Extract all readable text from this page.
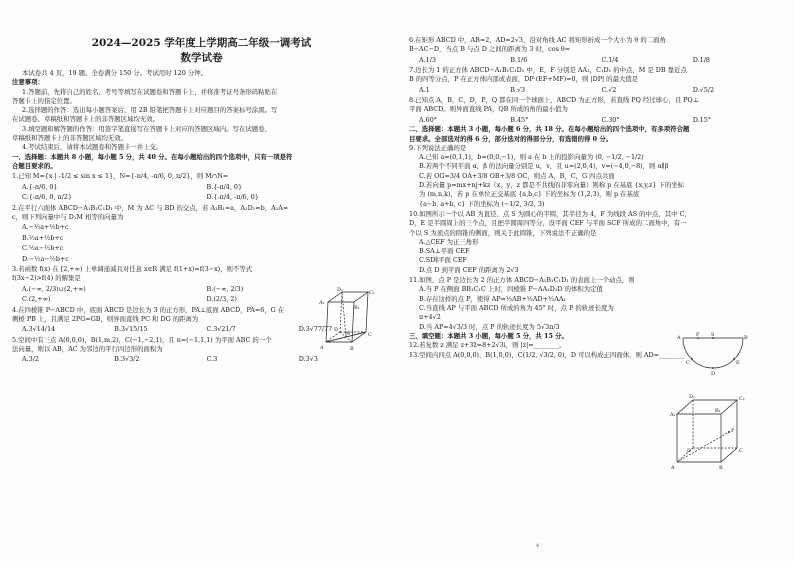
2024—2025 学年度上学期高二年级一调考试
数学试卷
本试卷共 4 页，19 题。全卷满分 150 分。考试用时 120 分钟。
注意事项：
1.答题前，先将自己的姓名、考号等填写在试题卷和答题卡上，并将准考证号条形码粘贴在
答题卡上的指定位置。
2.选择题的作答：选出每小题答案后，用 2B 铅笔把答题卡上对应题目的答案标号涂黑。写
在试题卷、草稿纸和答题卡上的非答题区域均无效。
3.填空题和解答题的作答：用签字笔直接写在答题卡上对应的答题区域内。写在试题卷、
草稿纸和答题卡上的非答题区域均无效。
4.考试结束后，请将本试题卷和答题卡一并上交。
一、选择题：本题共 8 小题，每小题 5 分，共 40 分。在每小题给出的四个选项中，只有一项是符
合题目要求的。
1.已知 M={x | -1/2 ≤ sin x ≤ 1}，N={-π/4, -π/6, 0, π/2}，则 M∩N=
A.{-π/6, 0}	B.{-π/4, 0}
C.{-π/6, 0, π/2}	D.{-π/4, -π/6, 0}
2.在平行六面体 ABCD−A₁B₁C₁D₁ 中，M 为 AC 与 BD 的交点，若 A₁B₁=a，A₁D₁=b，A₁A=
c，则下列向量中与 D₁M 相等的向量为
A.−½a+½b+c
B.½a+½b+c
C.½a−½b+c
D.−½a−½b+c
3.若函数 f(x) 在 [2,+∞) 上单调递减且对任意 x∈R 满足 f(1+x)=f(3−x)，则不等式
f(3x−2)>f(4) 的解集是
A.(−∞, 2/3)∪(2,+∞)	B.(−∞, 2/3)
C.(2,+∞)	D.(2/3, 2)
4.在四棱锥 P−ABCD 中，底面 ABCD 是边长为 3 的正方形，PA⊥底面 ABCD，PA=6，G 在
侧棱 PB 上，且满足 2PG=GB，则异面直线 PC 和 DG 的距离为
A.3√14/14	B.3√15/15	C.3√21/7	D.3√77/77
5.空间中有三点 A(0,0,0)，B(1,m,2)，C(−1,−2,1)，且 n=(−1,1,1) 为平面 ABC 的一个
法向量，则以 AB，AC 为邻边的平行四边形的面积为
A.3/2	B.3√3/2	C.3	D.3√3
A₁
B₁
C₁
D₁
A	B
C
D
M
6.在矩形 ABCD 中，AB=2，AD=2√3，沿对角线 AC 将矩形折成一个大小为 θ 的二面角
B−AC−D，当点 B 与点 D 之间的距离为 3 时，cos θ=
A.1/3	B.1/6	C.1/4	D.1/8
7.边长为 1 的正方体 ABCD−A₁B₁C₁D₁ 中，E，F 分别是 AA₁，C₁D₁ 的中点，M 是 DB 靠近点
B 的四等分点，P 在正方体内部或表面，DP·(EF+MF)=0，则 |DP| 的最大值是
A.1	B.√3	C.√2	D.√5/2
8.已知点 A，B，C，D，P，Q 都在同一个球面上，ABCD 为正方形，若直线 PQ 经过球心，且 PQ⊥
平面 ABCD。则异面直线 PA，QB 所成的角的最小值为
A.60°	B.45°	C.30°	D.15°
二、选择题：本题共 3 小题，每小题 6 分，共 18 分。在每小题给出的四个选项中，有多项符合题
目要求。全部选对的得 6 分，部分选对的得部分分，有选错的得 0 分。
9.下列说法正确的是
A.已知 a=(0,1,1)，b=(0,0,−1)，则 a 在 b 上的投影向量为 (0, −1/2, −1/2)
B.若两个不同平面 α，β 的法向量分别是 u，v，且 u=(2,0,4)，v=(−4,0,−8)，则 α∥β
C.若 OG=3/4 OA+3/8 OB+3/8 OC，则点 A，B，C，G 四点共面
D.若向量 p=mx+nj+kz（x，y，z 都是不共线的非零向量）则称 p 在基底 {x,y,z} 下的坐标
为 (m,n,k)，若 p 在单位正交基底 {a,b,c} 下的坐标为 (1,2,3)，则 p 在基底
{a−b, a+b, c} 下的坐标为 (−1/2, 3/2, 3)
10.如图所示一个以 AB 为直径、点 S 为圆心的半圆，其半径为 4，F 为线段 AS 的中点，其中 C，
D，E 是半圆周上的三个点，且把半圆周四等分，设平面 CEF 与平面 SCF 所成的二面角中，有一
个以 S 为顶点的圆锥的侧面，则关于此圆锥，下列说法不正确的是
A.△CEF 为正三角形
B.SA⊥平面 CEF
C.SD∥平面 CEF
D.点 D 到平面 CEF 的距离为 2√3
11.如图，点 P 是边长为 2 的正方体 ABCD−A₁B₁C₁D₁ 的表面上一个动点，则
A.当 P 在侧面 BB₁C₁C 上时，四棱锥 P−AA₁D₁D 的体积为定值
B.存在这样的点 P，使得 AP=½AB+½AD+½AA₁
C.当直线 AP 与平面 ABCD 所成的角为 45° 时，点 P 的轨迹长度为
π+4√2
D.当 AP=4√3/3 时，点 P 的轨迹长度为 5√3π/3
三、填空题：本题共 3 小题，每小题 5 分，共 15 分。
12.若复数 z 满足 z+3z̄=8+2√3i，则 |z|=________。
13.空间内四点 A(0,0,0)，B(1,0,0)，C(1/2, √3/2, 0)，D 可以构成正四面体，则 AD=________
A	B
S
F
C
D
E
A₁
B₁
C₁
D₁
A	B
C
D
P
4
